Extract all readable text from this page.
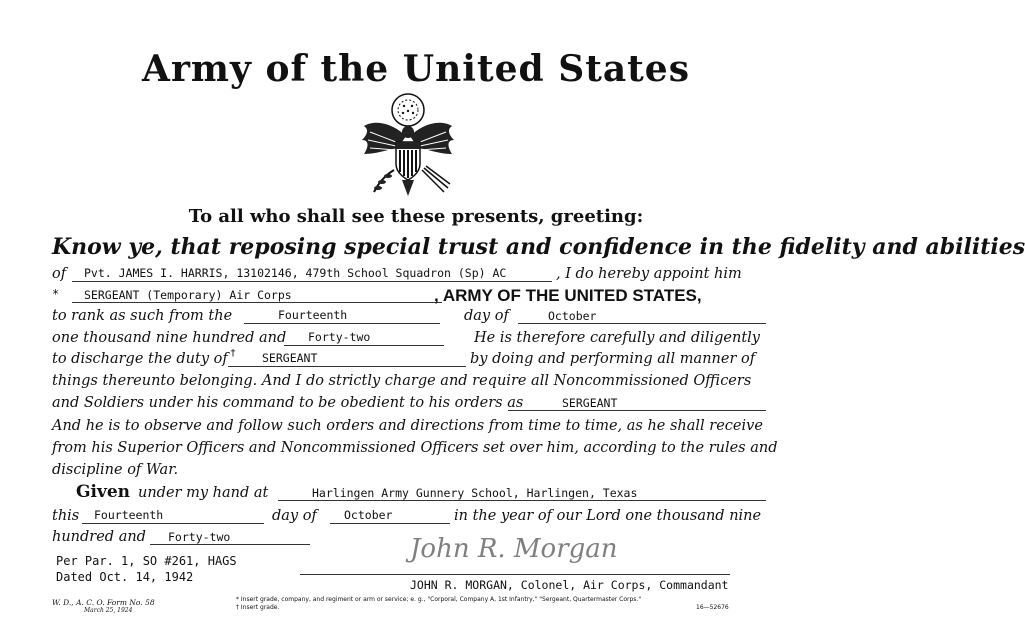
Army of the United States
To all who shall see these presents, greeting:
Know ye, that reposing special trust and confidence in the fidelity and abilities
of Pvt. JAMES I. HARRIS, 13102146, 479th School Squadron (Sp) AC	, I do hereby appoint him
* SERGEANT (Temporary) Air Corps	, ARMY OF THE UNITED STATES,
to rank as such from the	Fourteenth	day of	October
one thousand nine hundred and Forty-two	He is therefore carefully and diligently
to discharge the duty of † SERGEANT	by doing and performing all manner of
things thereunto belonging. And I do strictly charge and require all Noncommissioned Officers
and Soldiers under his command to be obedient to his orders as	SERGEANT
And he is to observe and follow such orders and directions from time to time, as he shall receive
from his Superior Officers and Noncommissioned Officers set over him, according to the rules and
discipline of War.
Given under my hand at	Harlingen Army Gunnery School, Harlingen, Texas
this Fourteenth	day of October	in the year of our Lord one thousand nine
hundred and Forty-two
Per Par. 1, SO #261, HAGS
Dated Oct. 14, 1942
John R. Morgan
JOHN R. MORGAN, Colonel, Air Corps, Commandant
W. D., A. C. O. Form No. 58
March 25, 1924
* Insert grade, company, and regiment or arm or service; e. g., "Corporal, Company A, 1st Infantry," "Sergeant, Quartermaster Corps."
† Insert grade.	16—52676
